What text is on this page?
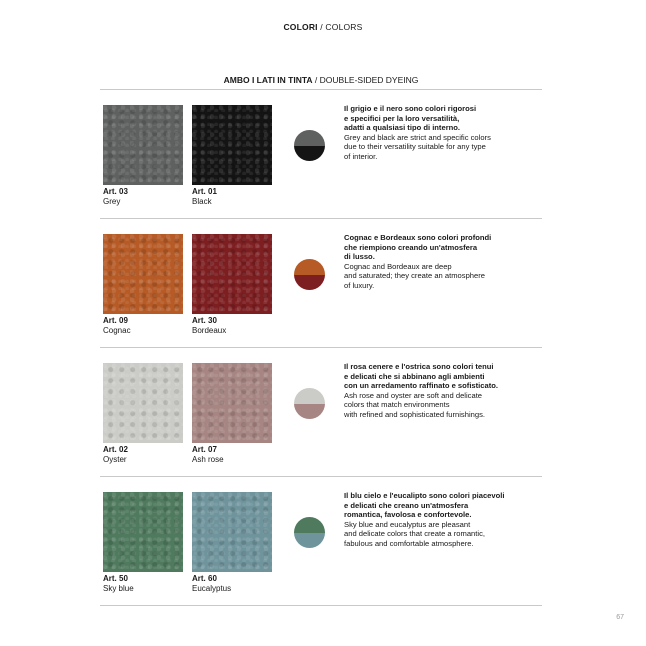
COLORI / COLORS
AMBO I LATI IN TINTA / DOUBLE-SIDED DYEING
Art. 03
Grey
Art. 01
Black
Il grigio e il nero sono colori rigorosi
e specifici per la loro versatilità,
adatti a qualsiasi tipo di interno.
Grey and black are strict and specific colors
due to their versatility suitable for any type
of interior.
Art. 09
Cognac
Art. 30
Bordeaux
Cognac e Bordeaux sono colori profondi
che riempiono creando un'atmosfera
di lusso.
Cognac and Bordeaux are deep
and saturated; they create an atmosphere
of luxury.
Art. 02
Oyster
Art. 07
Ash rose
Il rosa cenere e l'ostrica sono colori tenui
e delicati che si abbinano agli ambienti
con un arredamento raffinato e sofisticato.
Ash rose and oyster are soft and delicate
colors that match environments
with refined and sophisticated furnishings.
Art. 50
Sky blue
Art. 60
Eucalyptus
Il blu cielo e l'eucalipto sono colori piacevoli
e delicati che creano un'atmosfera
romantica, favolosa e confortevole.
Sky blue and eucalyptus are pleasant
and delicate colors that create a romantic,
fabulous and comfortable atmosphere.
67
